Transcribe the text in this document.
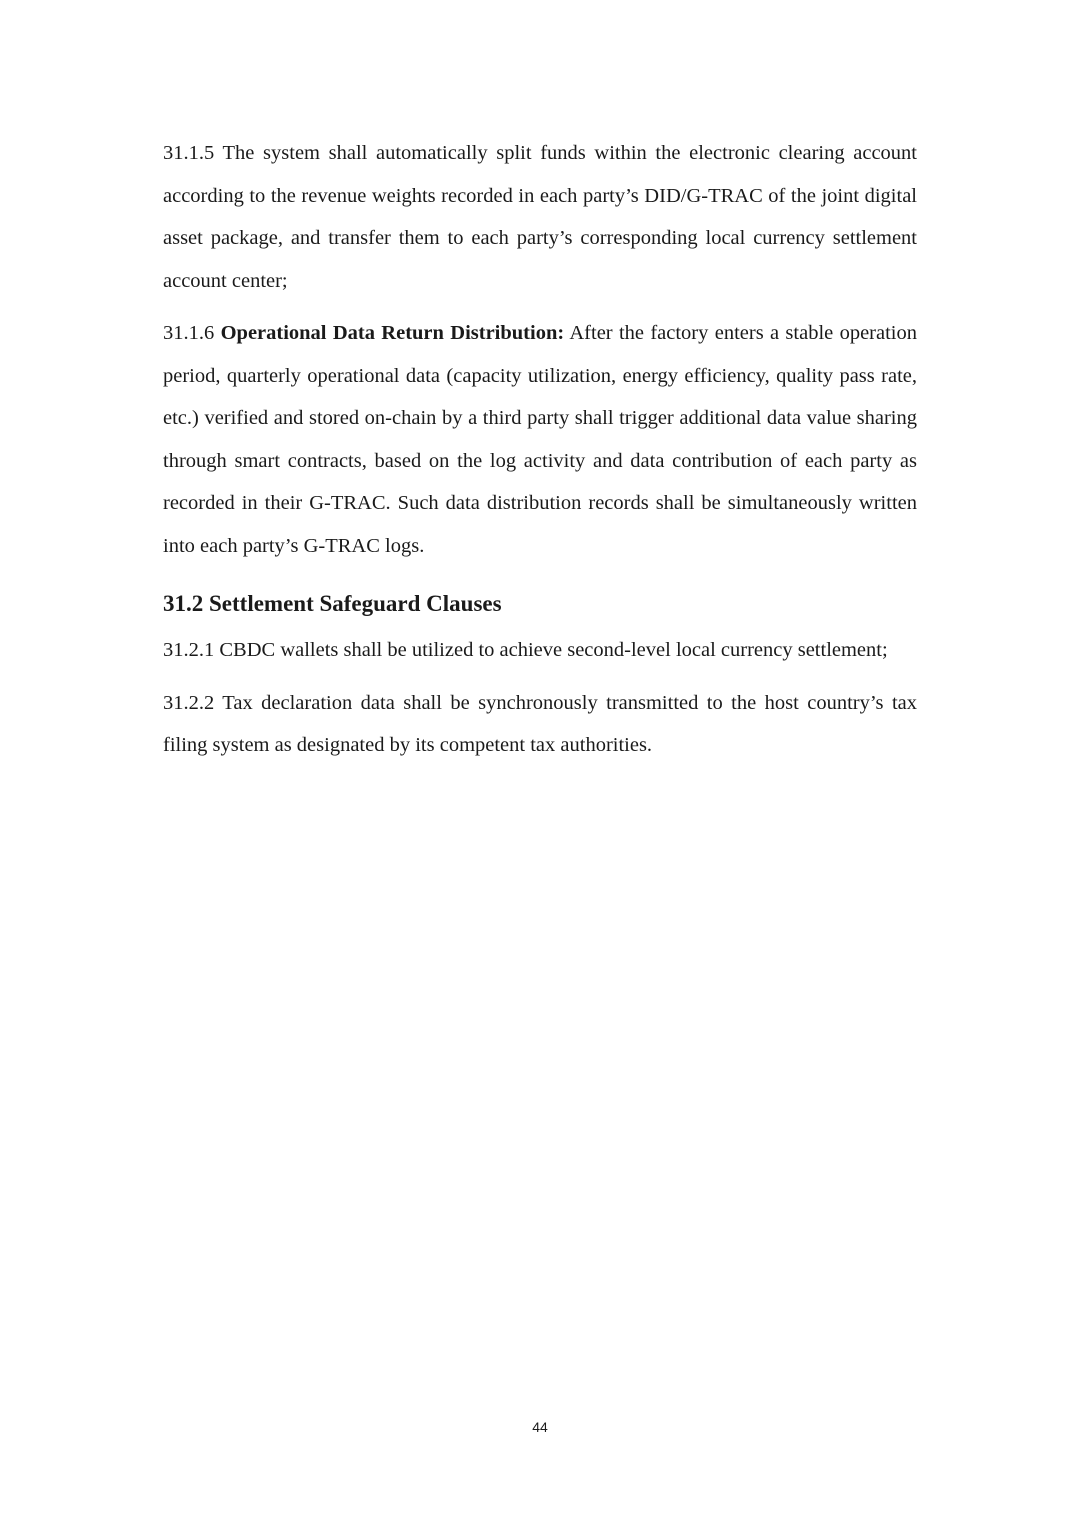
31.1.5 The system shall automatically split funds within the electronic clearing account according to the revenue weights recorded in each party’s DID/G-TRAC of the joint digital asset package, and transfer them to each party’s corresponding local currency settlement account center;

31.1.6 Operational Data Return Distribution: After the factory enters a stable operation period, quarterly operational data (capacity utilization, energy efficiency, quality pass rate, etc.) verified and stored on-chain by a third party shall trigger additional data value sharing through smart contracts, based on the log activity and data contribution of each party as recorded in their G-TRAC. Such data distribution records shall be simultaneously written into each party’s G-TRAC logs.

31.2 Settlement Safeguard Clauses

31.2.1 CBDC wallets shall be utilized to achieve second-level local currency settlement;

31.2.2 Tax declaration data shall be synchronously transmitted to the host country’s tax filing system as designated by its competent tax authorities.

44
